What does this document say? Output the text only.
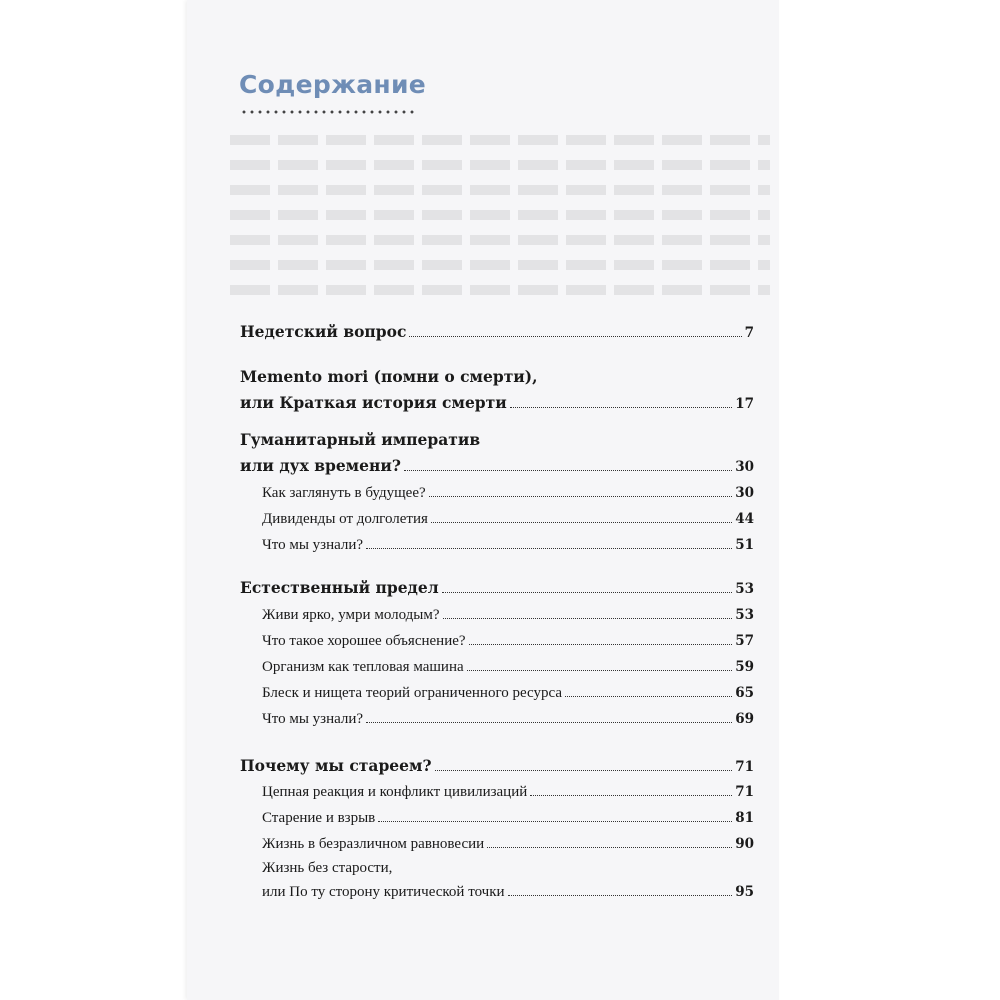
Содержание
Недетский вопрос	7
Memento mori (помни о смерти),
или Краткая история смерти	17
Гуманитарный императив
или дух времени?	30
Как заглянуть в будущее?	30
Дивиденды от долголетия	44
Что мы узнали?	51
Естественный предел	53
Живи ярко, умри молодым?	53
Что такое хорошее объяснение?	57
Организм как тепловая машина	59
Блеск и нищета теорий ограниченного ресурса	65
Что мы узнали?	69
Почему мы стареем?	71
Цепная реакция и конфликт цивилизаций	71
Старение и взрыв	81
Жизнь в безразличном равновесии	90
Жизнь без старости,
или По ту сторону критической точки	95
